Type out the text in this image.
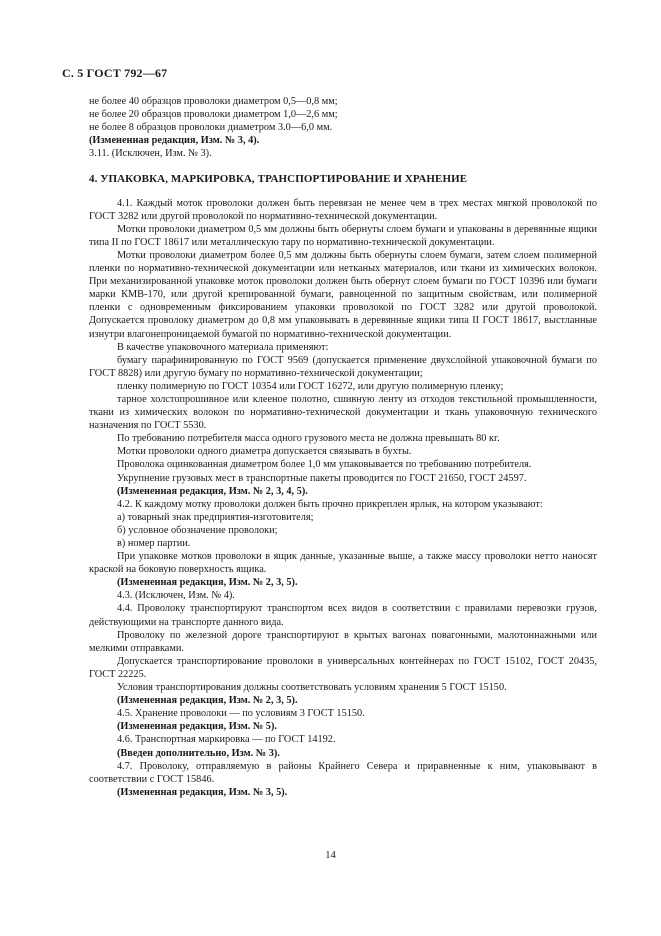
С. 5 ГОСТ 792—67

не более 40 образцов проволоки диаметром 0,5—0,8 мм;

не более 20 образцов проволоки диаметром 1,0—2,6 мм;

не более 8 образцов проволоки диаметром 3.0—6,0 мм.

(Измененная редакция, Изм. № 3, 4).

3.11. (Исключен, Изм. № 3).

4. УПАКОВКА, МАРКИРОВКА, ТРАНСПОРТИРОВАНИЕ И ХРАНЕНИЕ

4.1. Каждый моток проволоки должен быть перевязан не менее чем в трех местах мягкой проволокой по ГОСТ 3282 или другой проволокой по нормативно-технической документации.

Мотки проволоки диаметром 0,5 мм должны быть обернуты слоем бумаги и упакованы в деревянные ящики типа II по ГОСТ 18617 или металлическую тару по нормативно-технической документации.

Мотки проволоки диаметром более 0,5 мм должны быть обернуты слоем бумаги, затем слоем полимерной пленки по нормативно-технической документации или нетканых материалов, или ткани из химических волокон. При механизированной упаковке моток проволоки должен быть обернут слоем бумаги по ГОСТ 10396 или бумаги марки КМВ-170, или другой крепированной бумаги, равноценной по защитным свойствам, или полимерной пленки с одновременным фиксированием упаковки проволокой по ГОСТ 3282 или другой проволокой. Допускается проволоку диаметром до 0,8 мм упаковывать в деревянные ящики типа II ГОСТ 18617, выстланные изнутри влагонепроницаемой бумагой по нормативно-технической документации.

В качестве упаковочного материала применяют:

бумагу парафинированную по ГОСТ 9569 (допускается применение двухслойной упаковочной бумаги по ГОСТ 8828) или другую бумагу по нормативно-технической документации;

пленку полимерную по ГОСТ 10354 или ГОСТ 16272, или другую полимерную пленку;

тарное холстопрошивное или клееное полотно, сшивную ленту из отходов текстильной промышленности, ткани из химических волокон по нормативно-технической документации и ткань упаковочную технического назначения по ГОСТ 5530.

По требованию потребителя масса одного грузового места не должна превышать 80 кг.

Мотки проволоки одного диаметра допускается связывать в бухты.

Проволока оцинкованная диаметром более 1,0 мм упаковывается по требованию потребителя.

Укрупнение грузовых мест в транспортные пакеты проводится по ГОСТ 21650, ГОСТ 24597.

(Измененная редакция, Изм. № 2, 3, 4, 5).

4.2. К каждому мотку проволоки должен быть прочно прикреплен ярлык, на котором указывают:

а) товарный знак предприятия-изготовителя;

б) условное обозначение проволоки;

в) номер партии.

При упаковке мотков проволоки в ящик данные, указанные выше, а также массу проволоки нетто наносят краской на боковую поверхность ящика.

(Измененная редакция, Изм. № 2, 3, 5).

4.3. (Исключен, Изм. № 4).

4.4. Проволоку транспортируют транспортом всех видов в соответствии с правилами перевозки грузов, действующими на транспорте данного вида.

Проволоку по железной дороге транспортируют в крытых вагонах повагонными, малотоннажными или мелкими отправками.

Допускается транспортирование проволоки в универсальных контейнерах по ГОСТ 15102, ГОСТ 20435, ГОСТ 22225.

Условия транспортирования должны соответствовать условиям хранения 5 ГОСТ 15150.

(Измененная редакция, Изм. № 2, 3, 5).

4.5. Хранение проволоки — по условиям 3 ГОСТ 15150.

(Измененная редакция, Изм. № 5).

4.6. Транспортная маркировка — по ГОСТ 14192.

(Введен дополнительно, Изм. № 3).

4.7. Проволоку, отправляемую в районы Крайнего Севера и приравненные к ним, упаковывают в соответствии с ГОСТ 15846.

(Измененная редакция, Изм. № 3, 5).

14
